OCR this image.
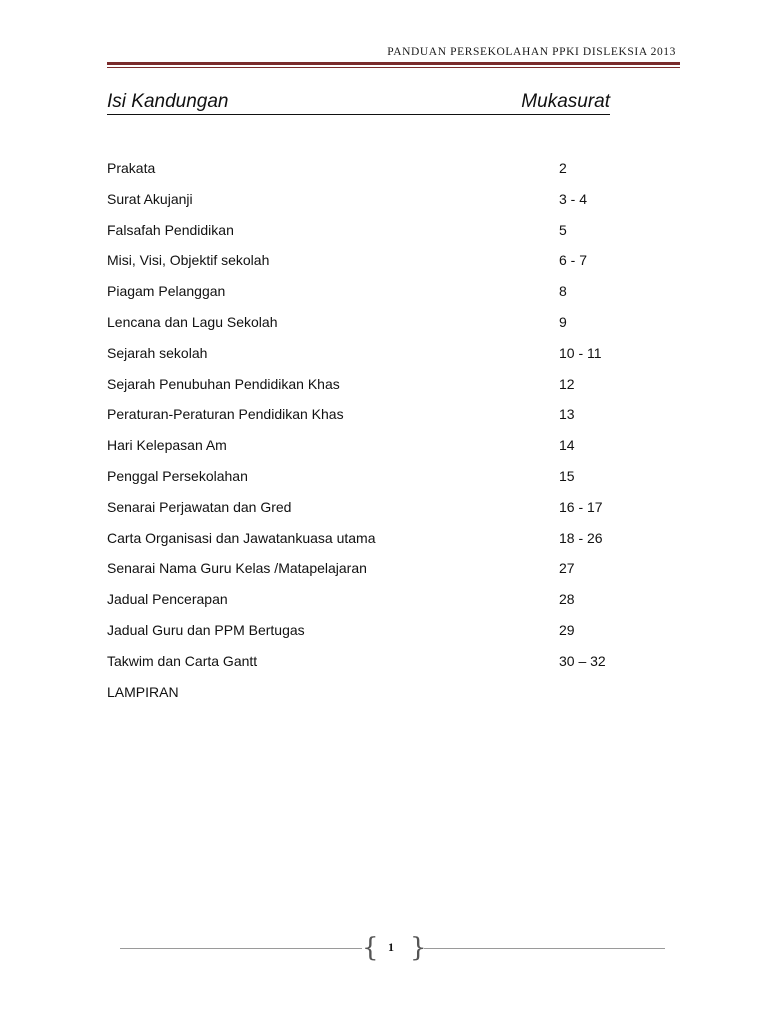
PANDUAN PERSEKOLAHAN PPKI DISLEKSIA 2013
Isi Kandungan	Mukasurat
Prakata	2
Surat Akujanji	3 - 4
Falsafah Pendidikan	5
Misi, Visi, Objektif sekolah	6 - 7
Piagam Pelanggan	8
Lencana dan Lagu Sekolah	9
Sejarah sekolah	10 - 11
Sejarah Penubuhan Pendidikan Khas	12
Peraturan-Peraturan Pendidikan Khas	13
Hari Kelepasan Am	14
Penggal Persekolahan	15
Senarai Perjawatan dan Gred	16 - 17
Carta Organisasi dan Jawatankuasa utama	18 - 26
Senarai Nama Guru Kelas /Matapelajaran	27
Jadual Pencerapan	28
Jadual Guru dan PPM Bertugas	29
Takwim dan Carta Gantt	30 – 32
LAMPIRAN
{ }
1
